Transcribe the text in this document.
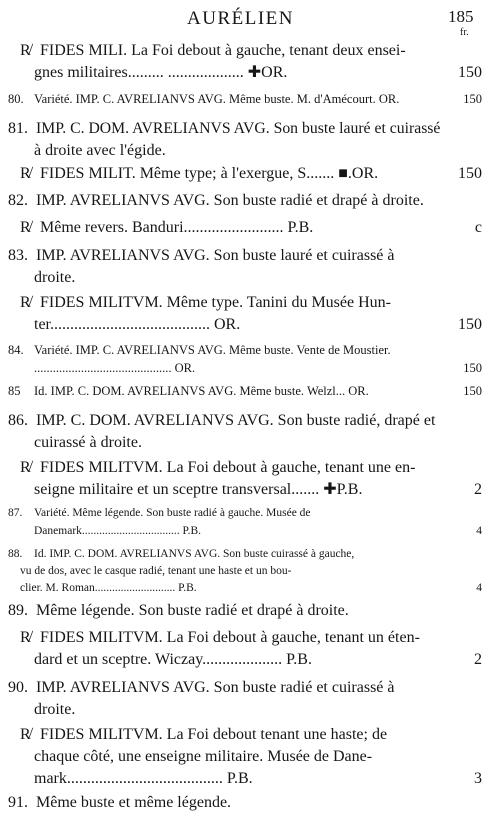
AURÉLIEN	185
fr.
R̸ FIDES MILI. La Foi debout à gauche, tenant deux ensei-
gnes militaires......... ................... ✚OR.	150
80. Variété. IMP. C. AVRELIANVS AVG. Même buste. M. d'Amécourt. OR.	150
81. IMP. C. DOM. AVRELIANVS AVG. Son buste lauré et cuirassé
à droite avec l'égide.
R̸ FIDES MILIT. Même type; à l'exergue, S....... ■.OR.	150
82. IMP. AVRELIANVS AVG. Son buste radié et drapé à droite.
R̸ Même revers. Banduri......................... P.B.	c
83. IMP. AVRELIANVS AVG. Son buste lauré et cuirassé à
droite.
R̸ FIDES MILITVM. Même type. Tanini du Musée Hun-
ter........................................ OR.	150
84. Variété. IMP. C. AVRELIANVS AVG. Même buste. Vente de Moustier.
............................................ OR.	150
85 Id. IMP. C. DOM. AVRELIANVS AVG. Même buste. Welzl... OR.	150
86. IMP. C. DOM. AVRELIANVS AVG. Son buste radié, drapé et
cuirassé à droite.
R̸ FIDES MILITVM. La Foi debout à gauche, tenant une en-
seigne militaire et un sceptre transversal....... ✚P.B.	2
87. Variété. Même légende. Son buste radié à gauche. Musée de
Danemark.................................. P.B.	4
88. Id. IMP. C. DOM. AVRELIANVS AVG. Son buste cuirassé à gauche,
vu de dos, avec le casque radié, tenant une haste et un bou-
clier. M. Roman............................ P.B.	4
89. Même légende. Son buste radié et drapé à droite.
R̸ FIDES MILITVM. La Foi debout à gauche, tenant un éten-
dard et un sceptre. Wiczay.................... P.B.	2
90. IMP. AVRELIANVS AVG. Son buste radié et cuirassé à
droite.
R̸ FIDES MILITVM. La Foi debout tenant une haste; de
chaque côté, une enseigne militaire. Musée de Dane-
mark....................................... P.B.	3
91. Même buste et même légende.
